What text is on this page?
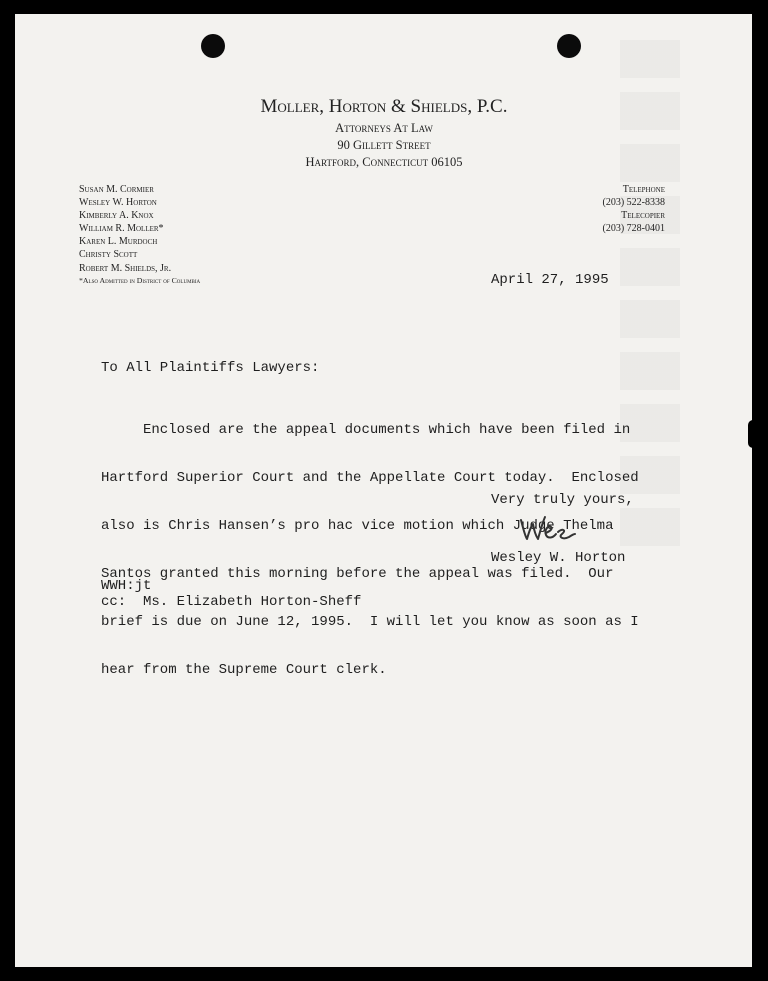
Moller, Horton & Shields, P.C.
Attorneys At Law
90 Gillett Street
Hartford, Connecticut 06105
Susan M. Cormier
Wesley W. Horton
Kimberly A. Knox
William R. Moller*
Karen L. Murdoch
Christy Scott
Robert M. Shields, Jr.
Telephone
(203) 522-8338
Telecopier
(203) 728-0401
*Also Admitted in District of Columbia	April 27, 1995
To All Plaintiffs Lawyers:

Enclosed are the appeal documents which have been filed in

Hartford Superior Court and the Appellate Court today.  Enclosed

also is Chris Hansen’s pro hac vice motion which Judge Thelma

Santos granted this morning before the appeal was filed.  Our

brief is due on June 12, 1995.  I will let you know as soon as I

hear from the Supreme Court clerk.

Very truly yours,
Wesley W. Horton
WWH:jt
cc:  Ms. Elizabeth Horton-Sheff
